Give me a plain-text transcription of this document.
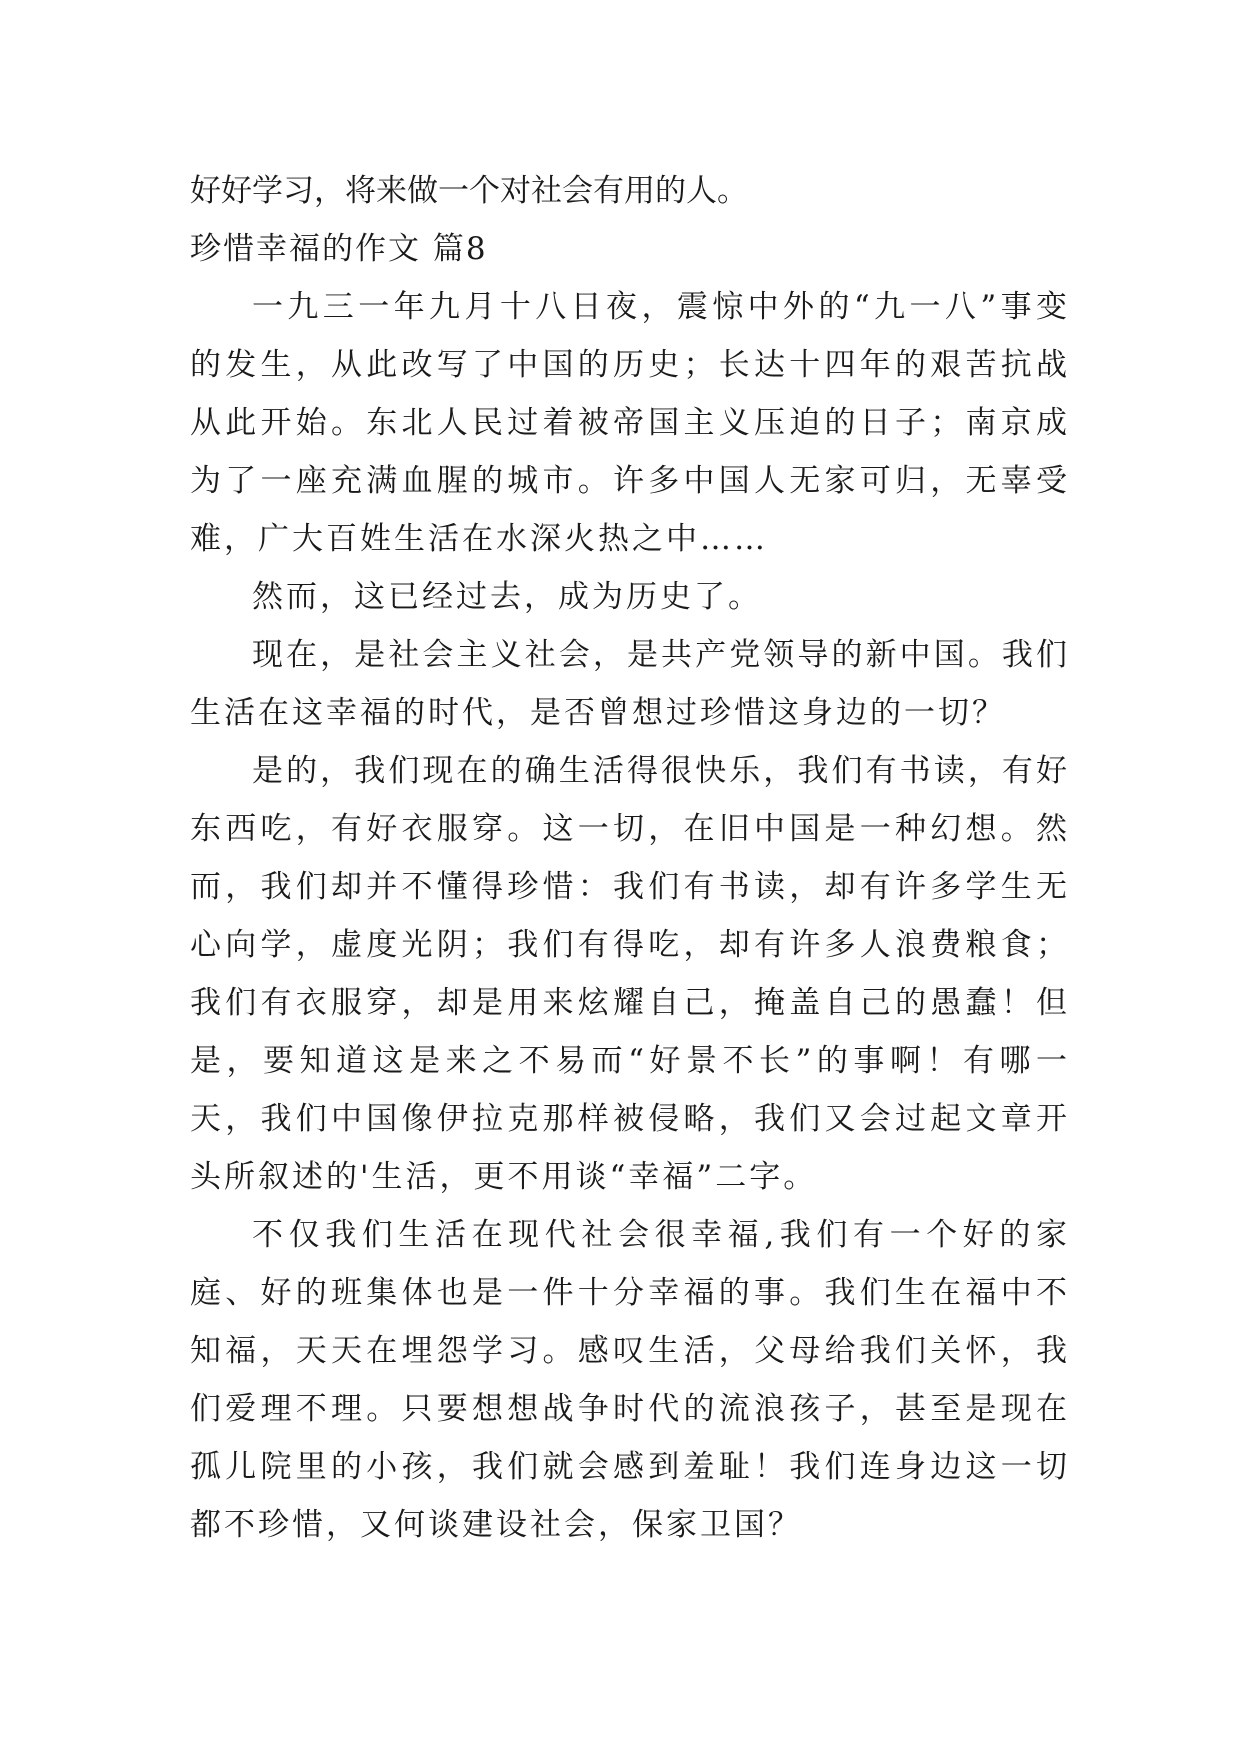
好好学习，将来做一个对社会有用的人。

珍惜幸福的作文 篇8

一九三一年九月十八日夜，震惊中外的“九一八”事变的发生，从此改写了中国的历史；长达十四年的艰苦抗战从此开始。东北人民过着被帝国主义压迫的日子；南京成为了一座充满血腥的城市。许多中国人无家可归，无辜受难，广大百姓生活在水深火热之中……

然而，这已经过去，成为历史了。

现在，是社会主义社会，是共产党领导的新中国。我们生活在这幸福的时代，是否曾想过珍惜这身边的一切？

是的，我们现在的确生活得很快乐，我们有书读，有好东西吃，有好衣服穿。这一切，在旧中国是一种幻想。然而，我们却并不懂得珍惜：我们有书读，却有许多学生无心向学，虚度光阴；我们有得吃，却有许多人浪费粮食；我们有衣服穿，却是用来炫耀自己，掩盖自己的愚蠢！但是，要知道这是来之不易而“好景不长”的事啊！有哪一天，我们中国像伊拉克那样被侵略，我们又会过起文章开头所叙述的'生活，更不用谈“幸福”二字。

不仅我们生活在现代社会很幸福,我们有一个好的家庭、好的班集体也是一件十分幸福的事。我们生在福中不知福，天天在埋怨学习。感叹生活，父母给我们关怀，我们爱理不理。只要想想战争时代的流浪孩子，甚至是现在孤儿院里的小孩，我们就会感到羞耻！我们连身边这一切都不珍惜，又何谈建设社会，保家卫国？
